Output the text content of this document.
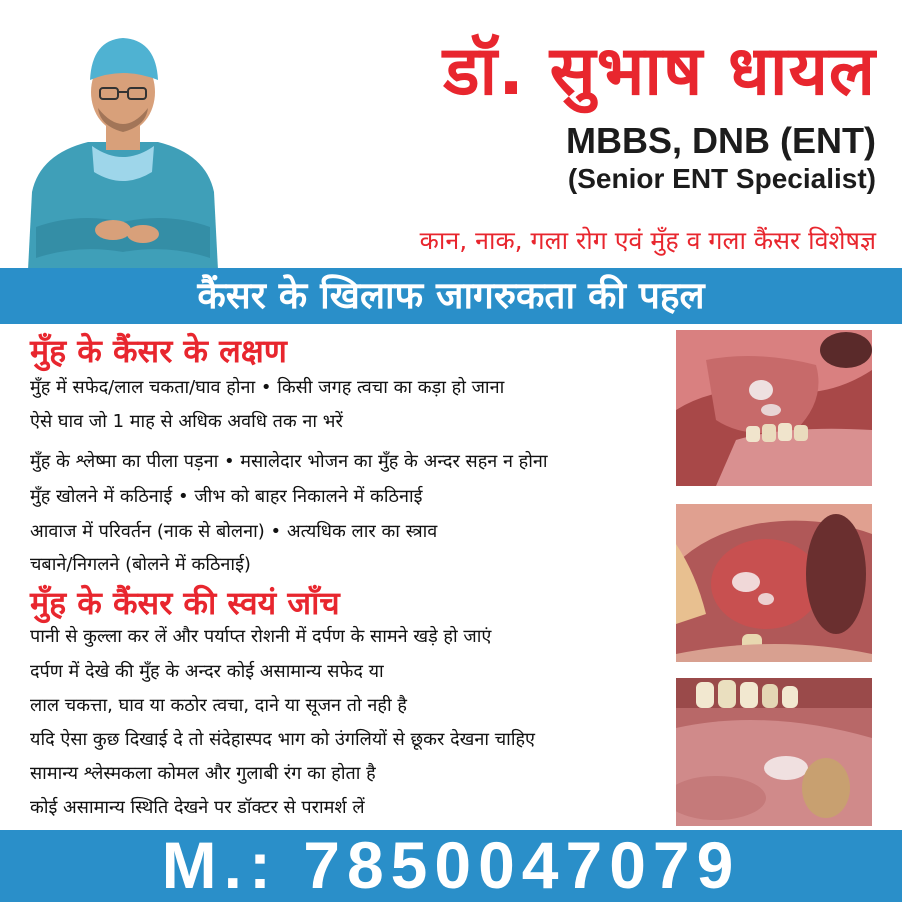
डॉ. सुभाष धायल
MBBS, DNB (ENT)
(Senior ENT Specialist)
कान, नाक, गला रोग एवं मुँह व गला कैंसर विशेषज्ञ
कैंसर के खिलाफ जागरुकता की पहल
मुँह के कैंसर के लक्षण
मुँह में सफेद/लाल चकता/घाव होना • किसी जगह त्वचा का कड़ा हो जाना
ऐसे घाव जो 1 माह से अधिक अवधि तक ना भरें
मुँह के श्लेष्मा का पीला पड़ना • मसालेदार भोजन का मुँह के अन्दर सहन न होना
मुँह खोलने में कठिनाई • जीभ को बाहर निकालने में कठिनाई
आवाज में परिवर्तन (नाक से बोलना) • अत्यधिक लार का स्त्राव
चबाने/निगलने (बोलने में कठिनाई)
मुँह के कैंसर की स्वयं जाँच
पानी से कुल्ला कर लें और पर्याप्त रोशनी में दर्पण के सामने खड़े हो जाएं
दर्पण में देखे की मुँह के अन्दर कोई असामान्य सफेद या
लाल चकत्ता, घाव या कठोर त्वचा, दाने या सूजन तो नही है
यदि ऐसा कुछ दिखाई दे तो संदेहास्पद भाग को उंगलियों से छूकर देखना चाहिए
सामान्य श्लेस्मकला कोमल और गुलाबी रंग का होता है
कोई असामान्य स्थिति देखने पर डॉक्टर से परामर्श लें
M.: 7850047079
